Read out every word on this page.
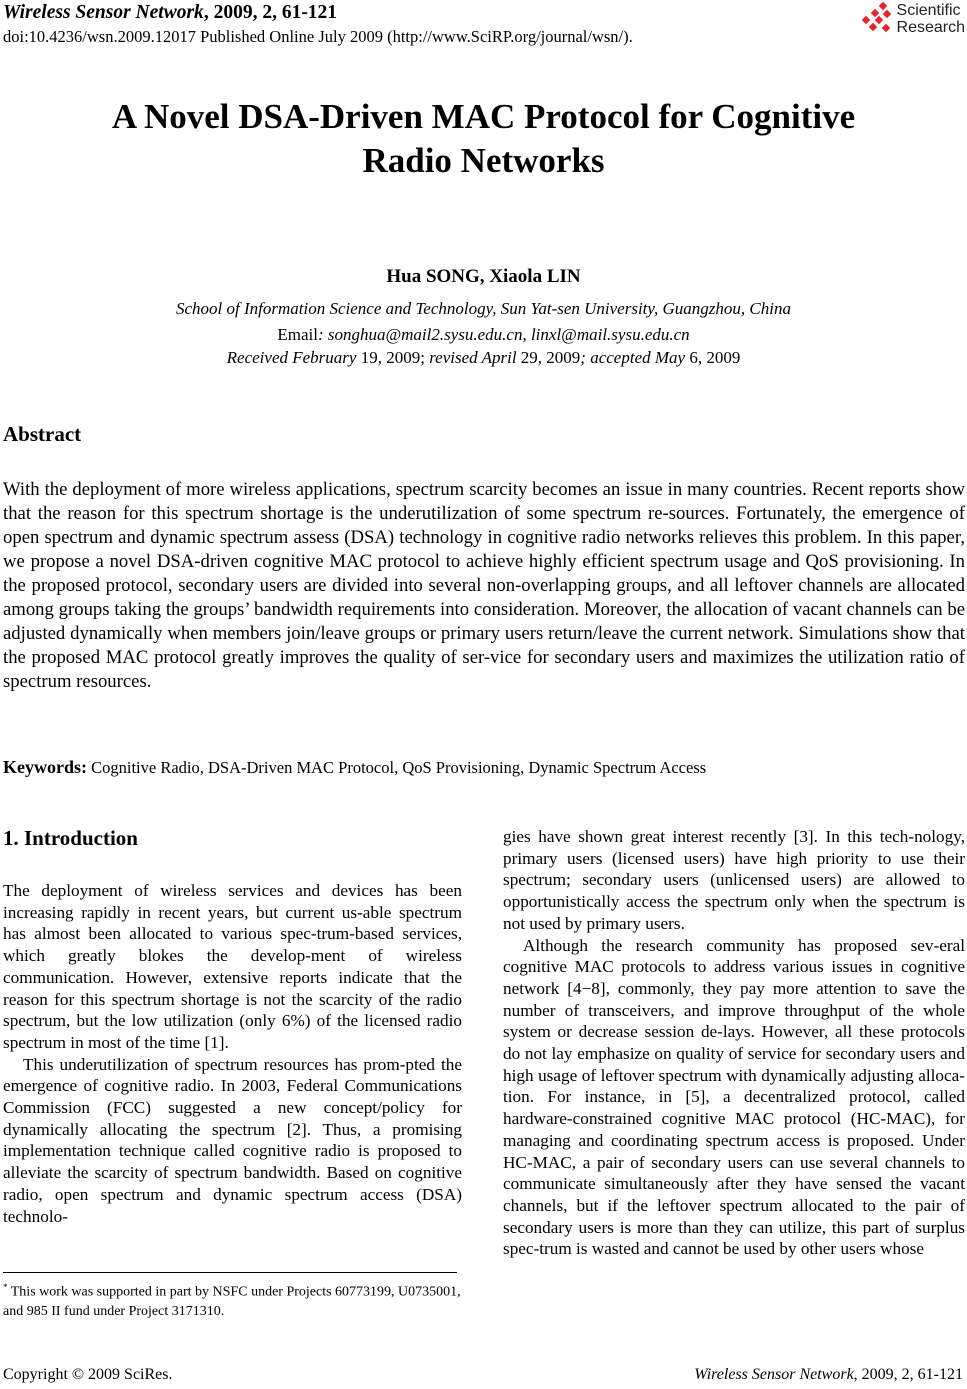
Wireless Sensor Network, 2009, 2, 61-121
doi:10.4236/wsn.2009.12017 Published Online July 2009 (http://www.SciRP.org/journal/wsn/).
Scientific
Research
A Novel DSA-Driven MAC Protocol for Cognitive
Radio Networks
Hua SONG, Xiaola LIN
School of Information Science and Technology, Sun Yat-sen University, Guangzhou, China
Email: songhua@mail2.sysu.edu.cn, linxl@mail.sysu.edu.cn
Received February 19, 2009; revised April 29, 2009; accepted May 6, 2009
Abstract
With the deployment of more wireless applications, spectrum scarcity becomes an issue in many countries. Recent reports show that the reason for this spectrum shortage is the underutilization of some spectrum re-sources. Fortunately, the emergence of open spectrum and dynamic spectrum assess (DSA) technology in cognitive radio networks relieves this problem. In this paper, we propose a novel DSA-driven cognitive MAC protocol to achieve highly efficient spectrum usage and QoS provisioning. In the proposed protocol, secondary users are divided into several non-overlapping groups, and all leftover channels are allocated among groups taking the groups’ bandwidth requirements into consideration. Moreover, the allocation of vacant channels can be adjusted dynamically when members join/leave groups or primary users return/leave the current network. Simulations show that the proposed MAC protocol greatly improves the quality of ser-vice for secondary users and maximizes the utilization ratio of spectrum resources.
Keywords: Cognitive Radio, DSA-Driven MAC Protocol, QoS Provisioning, Dynamic Spectrum Access
1. Introduction

The deployment of wireless services and devices has been increasing rapidly in recent years, but current us-able spectrum has almost been allocated to various spec-trum-based services, which greatly blokes the develop-ment of wireless communication. However, extensive reports indicate that the reason for this spectrum shortage is not the scarcity of the radio spectrum, but the low utilization (only 6%) of the licensed radio spectrum in most of the time [1].

This underutilization of spectrum resources has prom-pted the emergence of cognitive radio. In 2003, Federal Communications Commission (FCC) suggested a new concept/policy for dynamically allocating the spectrum [2]. Thus, a promising implementation technique called cognitive radio is proposed to alleviate the scarcity of spectrum bandwidth. Based on cognitive radio, open spectrum and dynamic spectrum access (DSA) technolo-

gies have shown great interest recently [3]. In this tech-nology, primary users (licensed users) have high priority to use their spectrum; secondary users (unlicensed users) are allowed to opportunistically access the spectrum only when the spectrum is not used by primary users.

Although the research community has proposed sev-eral cognitive MAC protocols to address various issues in cognitive network [4−8], commonly, they pay more attention to save the number of transceivers, and improve throughput of the whole system or decrease session de-lays. However, all these protocols do not lay emphasize on quality of service for secondary users and high usage of leftover spectrum with dynamically adjusting alloca-tion. For instance, in [5], a decentralized protocol, called hardware-constrained cognitive MAC protocol (HC-MAC), for managing and coordinating spectrum access is proposed. Under HC-MAC, a pair of secondary users can use several channels to communicate simultaneously after they have sensed the vacant channels, but if the leftover spectrum allocated to the pair of secondary users is more than they can utilize, this part of surplus spec-trum is wasted and cannot be used by other users whose

* This work was supported in part by NSFC under Projects 60773199, U0735001, and 985 II fund under Project 3171310.
Copyright © 2009 SciRes.	Wireless Sensor Network, 2009, 2, 61-121
